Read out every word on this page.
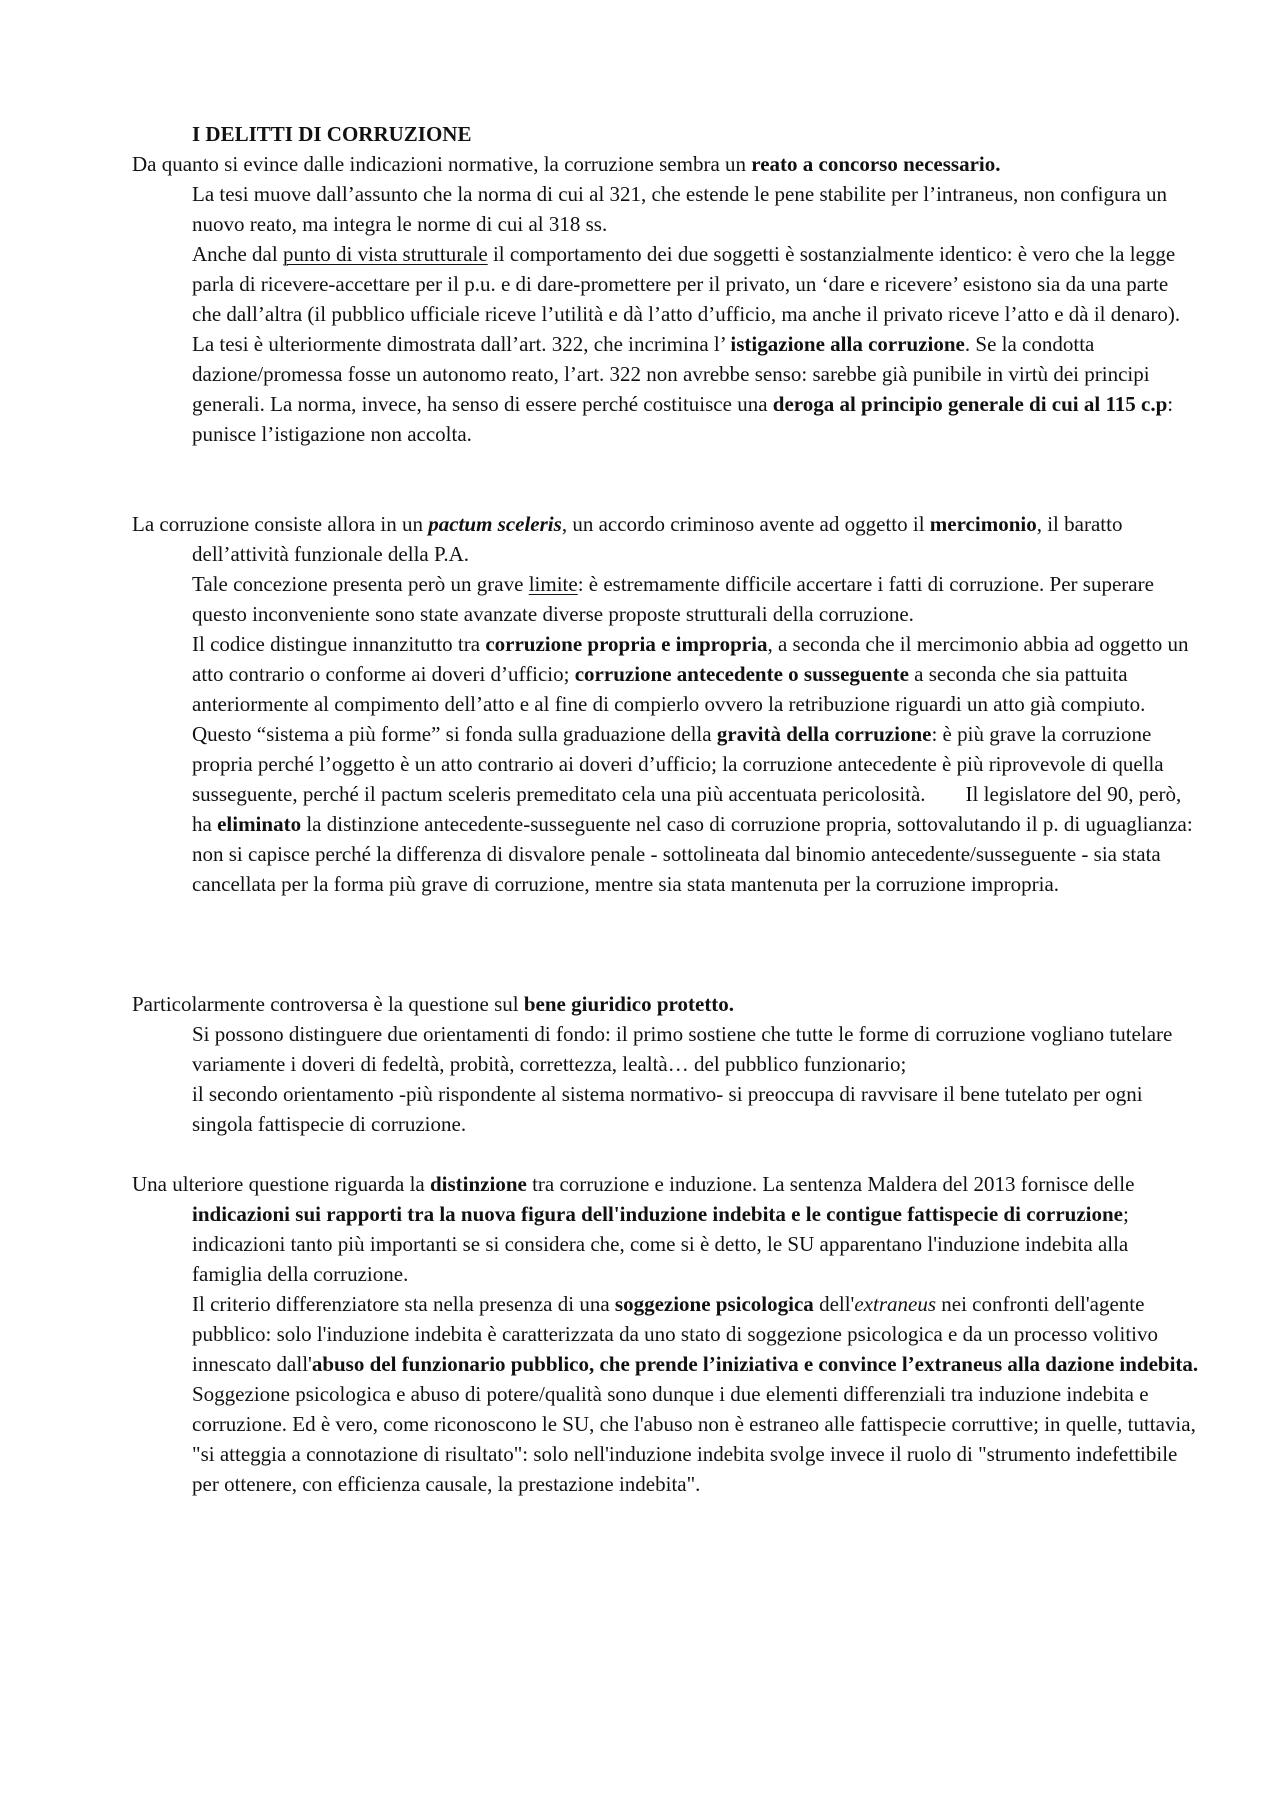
I DELITTI DI CORRUZIONE

Da quanto si evince dalle indicazioni normative, la corruzione sembra un reato a concorso necessario.

La tesi muove dall’assunto che la norma di cui al 321, che estende le pene stabilite per l’intraneus, non configura un nuovo reato, ma integra le norme di cui al 318 ss.

Anche dal punto di vista strutturale il comportamento dei due soggetti è sostanzialmente identico: è vero che la legge parla di ricevere-accettare per il p.u. e di dare-promettere per il privato, un ‘dare e ricevere’ esistono sia da una parte che dall’altra (il pubblico ufficiale riceve l’utilità e dà l’atto d’ufficio, ma anche il privato riceve l’atto e dà il denaro).

La tesi è ulteriormente dimostrata dall’art. 322, che incrimina l’ istigazione alla corruzione. Se la condotta dazione/promessa fosse un autonomo reato, l’art. 322 non avrebbe senso: sarebbe già punibile in virtù dei principi generali. La norma, invece, ha senso di essere perché costituisce una deroga al principio generale di cui al 115 c.p: punisce l’istigazione non accolta.

La corruzione consiste allora in un pactum sceleris, un accordo criminoso avente ad oggetto il mercimonio, il baratto dell’attività funzionale della P.A.

Tale concezione presenta però un grave limite: è estremamente difficile accertare i fatti di corruzione. Per superare questo inconveniente sono state avanzate diverse proposte strutturali della corruzione.

Il codice distingue innanzitutto tra corruzione propria e impropria, a seconda che il mercimonio abbia ad oggetto un atto contrario o conforme ai doveri d’ufficio; corruzione antecedente o susseguente a seconda che sia pattuita anteriormente al compimento dell’atto e al fine di compierlo ovvero la retribuzione riguardi un atto già compiuto.Questo “sistema a più forme” si fonda sulla graduazione della gravità della corruzione: è più grave la corruzione propria perché l’oggetto è un atto contrario ai doveri d’ufficio; la corruzione antecedente è più riprovevole di quella susseguente, perché il pactum sceleris premeditato cela una più accentuata pericolosità. Il legislatore del 90, però, ha eliminato la distinzione antecedente-susseguente nel caso di corruzione propria, sottovalutando il p. di uguaglianza: non si capisce perché la differenza di disvalore penale - sottolineata dal binomio antecedente/susseguente - sia stata cancellata per la forma più grave di corruzione, mentre sia stata mantenuta per la corruzione impropria.

Particolarmente controversa è la questione sul bene giuridico protetto.

Si possono distinguere due orientamenti di fondo: il primo sostiene che tutte le forme di corruzione vogliano tutelare variamente i doveri di fedeltà, probità, correttezza, lealtà… del pubblico funzionario;

il secondo orientamento -più rispondente al sistema normativo- si preoccupa di ravvisare il bene tutelato per ogni singola fattispecie di corruzione.

Una ulteriore questione riguarda la distinzione tra corruzione e induzione. La sentenza Maldera del 2013 fornisce delle indicazioni sui rapporti tra la nuova figura dell'induzione indebita e le contigue fattispecie di corruzione; indicazioni tanto più importanti se si considera che, come si è detto, le SU apparentano l'induzione indebita alla famiglia della corruzione.

Il criterio differenziatore sta nella presenza di una soggezione psicologica dell'extraneus nei confronti dell'agente pubblico: solo l'induzione indebita è caratterizzata da uno stato di soggezione psicologica e da un processo volitivo innescato dall'abuso del funzionario pubblico, che prende l’iniziativa e convince l’extraneus alla dazione indebita.

Soggezione psicologica e abuso di potere/qualità sono dunque i due elementi differenziali tra induzione indebita e corruzione. Ed è vero, come riconoscono le SU, che l'abuso non è estraneo alle fattispecie corruttive; in quelle, tuttavia, "si atteggia a connotazione di risultato": solo nell'induzione indebita svolge invece il ruolo di "strumento indefettibile per ottenere, con efficienza causale, la prestazione indebita".
